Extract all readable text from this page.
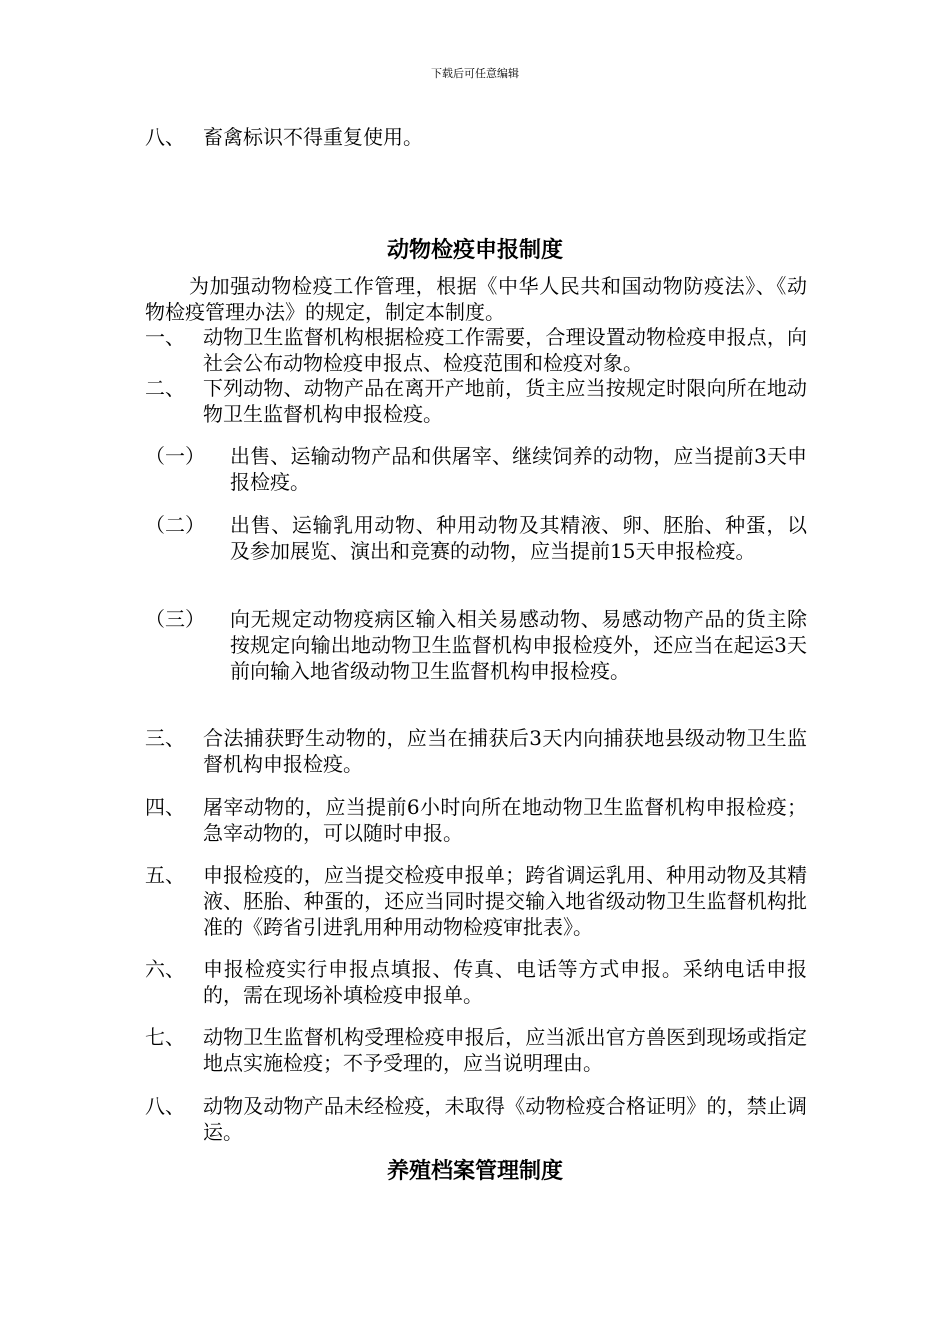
下载后可任意编辑
八、 畜禽标识不得重复使用。
动物检疫申报制度
为加强动物检疫工作管理，根据《中华人民共和国动物防疫法》、《动物检疫管理办法》的规定，制定本制度。
一、 动物卫生监督机构根据检疫工作需要，合理设置动物检疫申报点，向社会公布动物检疫申报点、检疫范围和检疫对象。
二、 下列动物、动物产品在离开产地前，货主应当按规定时限向所在地动物卫生监督机构申报检疫。
（一） 出售、运输动物产品和供屠宰、继续饲养的动物，应当提前3天申报检疫。
（二） 出售、运输乳用动物、种用动物及其精液、卵、胚胎、种蛋，以及参加展览、演出和竞赛的动物，应当提前15天申报检疫。
（三） 向无规定动物疫病区输入相关易感动物、易感动物产品的货主除按规定向输出地动物卫生监督机构申报检疫外，还应当在起运3天前向输入地省级动物卫生监督机构申报检疫。
三、 合法捕获野生动物的，应当在捕获后3天内向捕获地县级动物卫生监督机构申报检疫。
四、 屠宰动物的，应当提前6小时向所在地动物卫生监督机构申报检疫；急宰动物的，可以随时申报。
五、 申报检疫的，应当提交检疫申报单；跨省调运乳用、种用动物及其精液、胚胎、种蛋的，还应当同时提交输入地省级动物卫生监督机构批准的《跨省引进乳用种用动物检疫审批表》。
六、 申报检疫实行申报点填报、传真、电话等方式申报。采纳电话申报的，需在现场补填检疫申报单。
七、 动物卫生监督机构受理检疫申报后，应当派出官方兽医到现场或指定地点实施检疫；不予受理的，应当说明理由。
八、 动物及动物产品未经检疫，未取得《动物检疫合格证明》的，禁止调运。
养殖档案管理制度
